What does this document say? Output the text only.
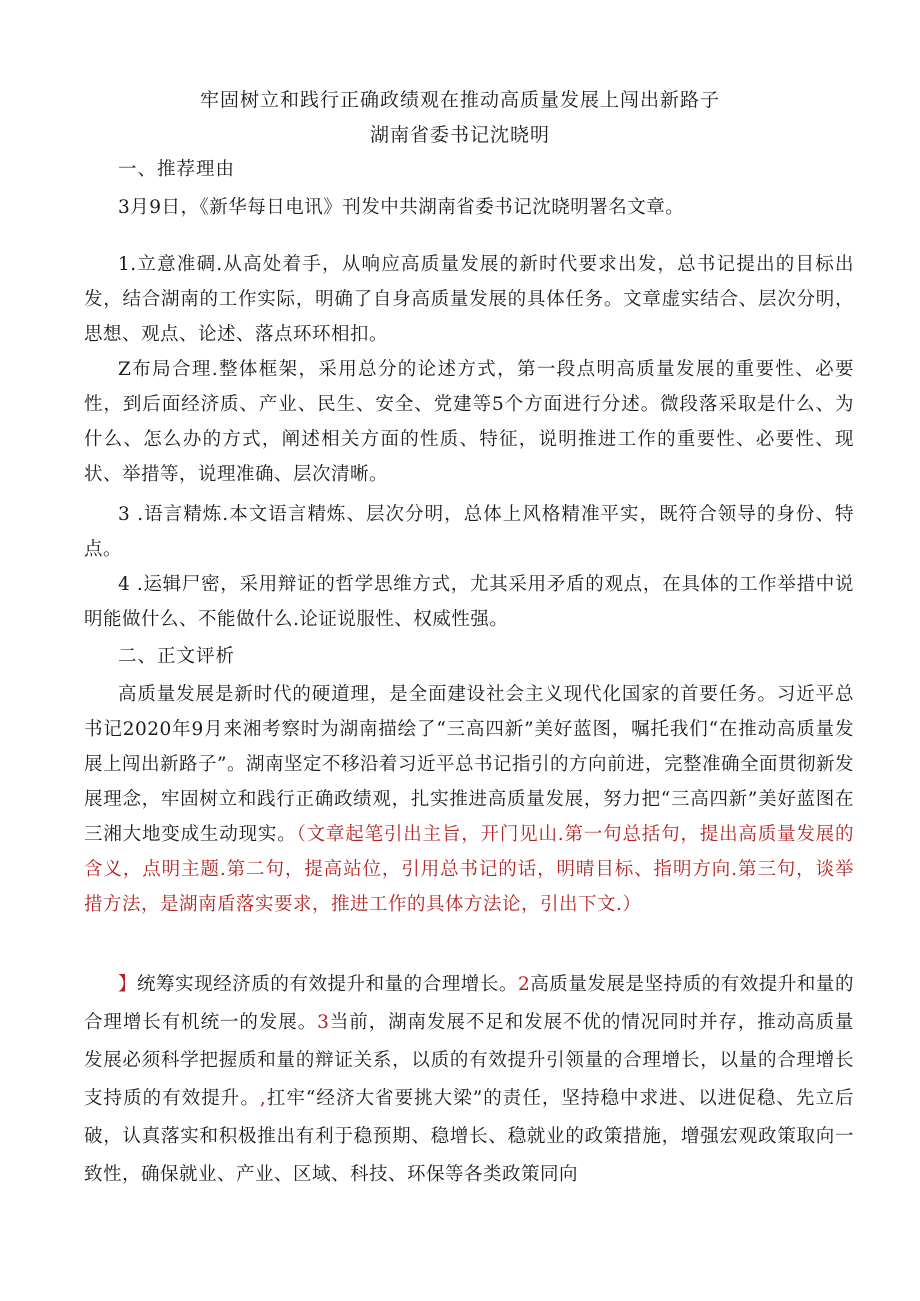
牢固树立和践行正确政绩观在推动高质量发展上闯出新路子
湖南省委书记沈晓明
一、推荐理由
3月9日，《新华每日电讯》刊发中共湖南省委书记沈晓明署名文章。
1.立意准碉.从高处着手，从响应高质量发展的新时代要求出发，总书记提出的目标出发，结合湖南的工作实际，明确了自身高质量发展的具体任务。文章虚实结合、层次分明，思想、观点、论述、落点环环相扣。
Z布局合理.整体框架，采用总分的论述方式，第一段点明高质量发展的重要性、必要性，到后面经济质、产业、民生、安全、党建等5个方面进行分述。微段落采取是什么、为什么、怎么办的方式，阐述相关方面的性质、特征，说明推进工作的重要性、必要性、现状、举措等，说理准确、层次清晰。
3 .语言精炼.本文语言精炼、层次分明，总体上风格精准平实，既符合领导的身份、特点。
4 .运辑尸密，采用辩证的哲学思维方式，尤其采用矛盾的观点，在具体的工作举措中说明能做什么、不能做什么.论证说服性、权威性强。
二、正文评析
高质量发展是新时代的硬道理，是全面建设社会主义现代化国家的首要任务。习近平总书记2020年9月来湘考察时为湖南描绘了“三高四新”美好蓝图，嘱托我们“在推动高质量发展上闯出新路子”。湖南坚定不移沿着习近平总书记指引的方向前进，完整准确全面贯彻新发展理念，牢固树立和践行正确政绩观，扎实推进高质量发展，努力把“三高四新”美好蓝图在三湘大地变成生动现实。（文章起笔引出主旨，开门见山.第一句总括句，提出高质量发展的含义，点明主题.第二句，提高站位，引用总书记的话，明晴目标、指明方向.第三句，谈举措方法，是湖南盾落实要求，推进工作的具体方法论，引出下文.）
】统筹实现经济质的有效提升和量的合理增长。2高质量发展是坚持质的有效提升和量的合理增长有机统一的发展。3当前，湖南发展不足和发展不优的情况同时并存，推动高质量发展必须科学把握质和量的辩证关系，以质的有效提升引领量的合理增长，以量的合理增长支持质的有效提升。,扛牢“经济大省要挑大梁”的责任，坚持稳中求进、以进促稳、先立后破，认真落实和积极推出有利于稳预期、稳增长、稳就业的政策措施，增强宏观政策取向一致性，确保就业、产业、区域、科技、环保等各类政策同向
